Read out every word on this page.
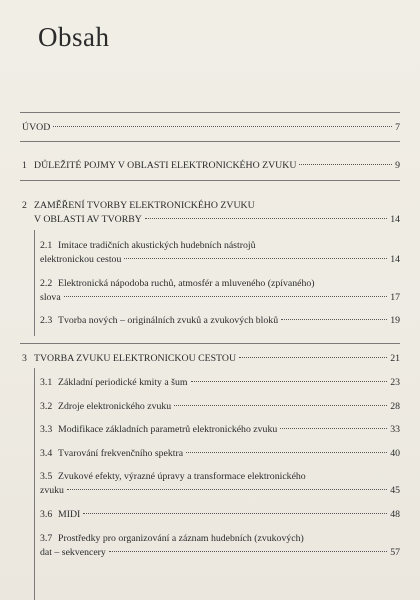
Obsah
ÚVOD	7
1 DŮLEŽITÉ POJMY V OBLASTI ELEKTRONICKÉHO ZVUKU	9
2 ZAMĚŘENÍ TVORBY ELEKTRONICKÉHO ZVUKU
V OBLASTI AV TVORBY	14
2.1 Imitace tradičních akustických hudebních nástrojů
elektronickou cestou	14
2.2 Elektronická nápodoba ruchů, atmosfér a mluveného (zpívaného)
slova	17
2.3 Tvorba nových – originálních zvuků a zvukových bloků	19
3 TVORBA ZVUKU ELEKTRONICKOU CESTOU	21
3.1 Základní periodické kmity a šum	23
3.2 Zdroje elektronického zvuku	28
3.3 Modifikace základních parametrů elektronického zvuku	33
3.4 Tvarování frekvenčního spektra	40
3.5 Zvukové efekty, výrazné úpravy a transformace elektronického
zvuku	45
3.6 MIDI	48
3.7 Prostředky pro organizování a záznam hudebních (zvukových)
dat – sekvencery	57
